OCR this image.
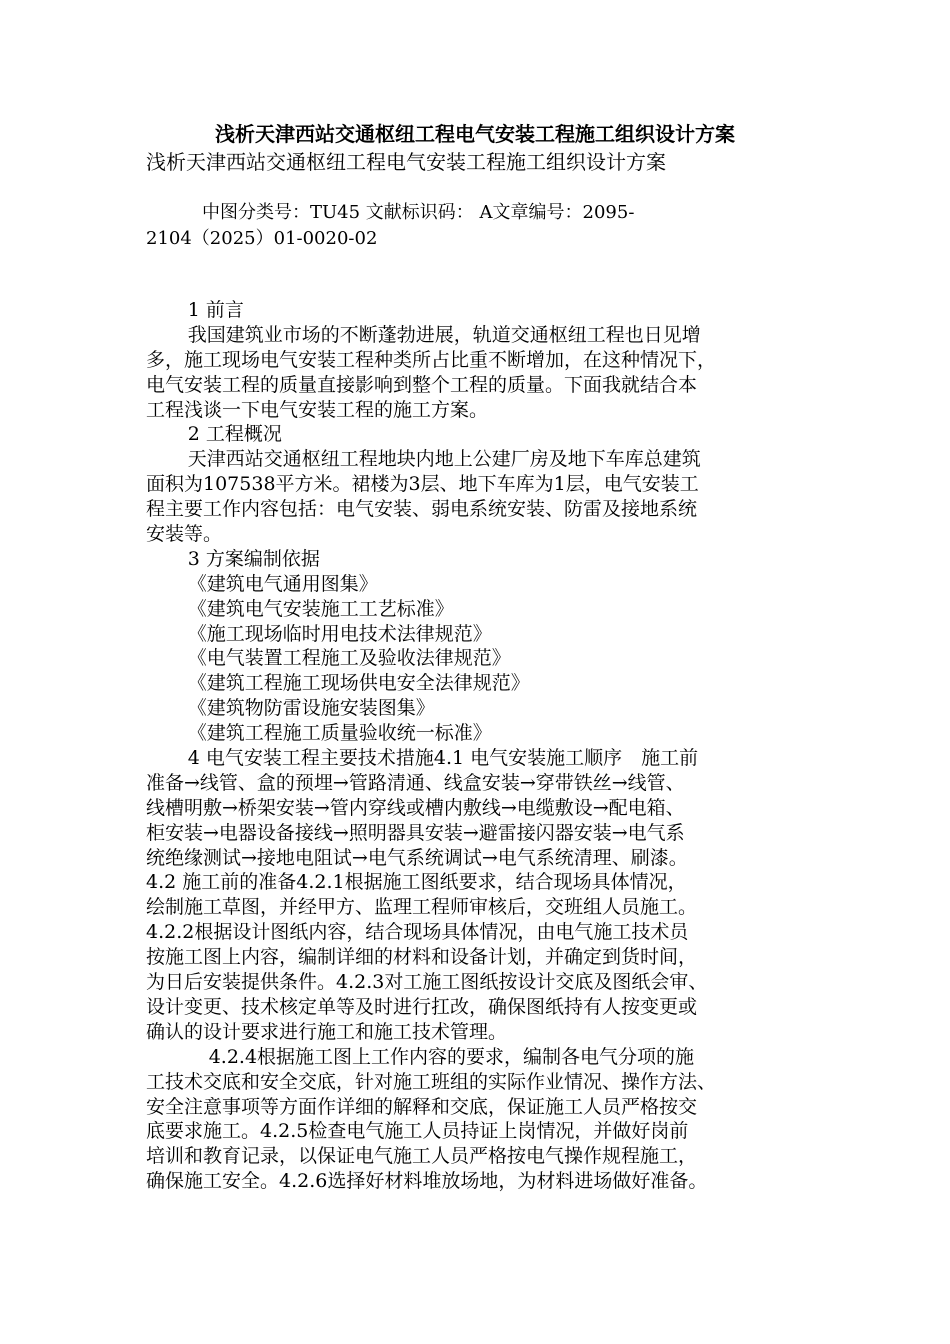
浅析天津西站交通枢纽工程电气安装工程施工组织设计方案
浅析天津西站交通枢纽工程电气安装工程施工组织设计方案
中图分类号：TU45 文献标识码： A文章编号：2095-
2104（2025）01-0020-02
1 前言
我国建筑业市场的不断蓬勃进展，轨道交通枢纽工程也日见增
多，施工现场电气安装工程种类所占比重不断增加，在这种情况下，
电气安装工程的质量直接影响到整个工程的质量。下面我就结合本
工程浅谈一下电气安装工程的施工方案。
2 工程概况
天津西站交通枢纽工程地块内地上公建厂房及地下车库总建筑
面积为107538平方米。裙楼为3层、地下车库为1层，电气安装工
程主要工作内容包括：电气安装、弱电系统安装、防雷及接地系统
安装等。
3 方案编制依据
《建筑电气通用图集》
《建筑电气安装施工工艺标准》
《施工现场临时用电技术法律规范》
《电气装置工程施工及验收法律规范》
《建筑工程施工现场供电安全法律规范》
《建筑物防雷设施安装图集》
《建筑工程施工质量验收统一标准》
4 电气安装工程主要技术措施4.1 电气安装施工顺序　施工前
准备→线管、盒的预埋→管路清通、线盒安装→穿带铁丝→线管、
线槽明敷→桥架安装→管内穿线或槽内敷线→电缆敷设→配电箱、
柜安装→电器设备接线→照明器具安装→避雷接闪器安装→电气系
统绝缘测试→接地电阻试→电气系统调试→电气系统清理、刷漆。
4.2 施工前的准备4.2.1根据施工图纸要求，结合现场具体情况，
绘制施工草图，并经甲方、监理工程师审核后，交班组人员施工。
4.2.2根据设计图纸内容，结合现场具体情况，由电气施工技术员
按施工图上内容，编制详细的材料和设备计划，并确定到货时间，
为日后安装提供条件。4.2.3对工施工图纸按设计交底及图纸会审、
设计变更、技术核定单等及时进行扛改，确保图纸持有人按变更或
确认的设计要求进行施工和施工技术管理。
4.2.4根据施工图上工作内容的要求，编制各电气分项的施
工技术交底和安全交底，针对施工班组的实际作业情况、操作方法、
安全注意事项等方面作详细的解释和交底，保证施工人员严格按交
底要求施工。4.2.5检查电气施工人员持证上岗情况，并做好岗前
培训和教育记录，以保证电气施工人员严格按电气操作规程施工，
确保施工安全。4.2.6选择好材料堆放场地，为材料进场做好准备。
